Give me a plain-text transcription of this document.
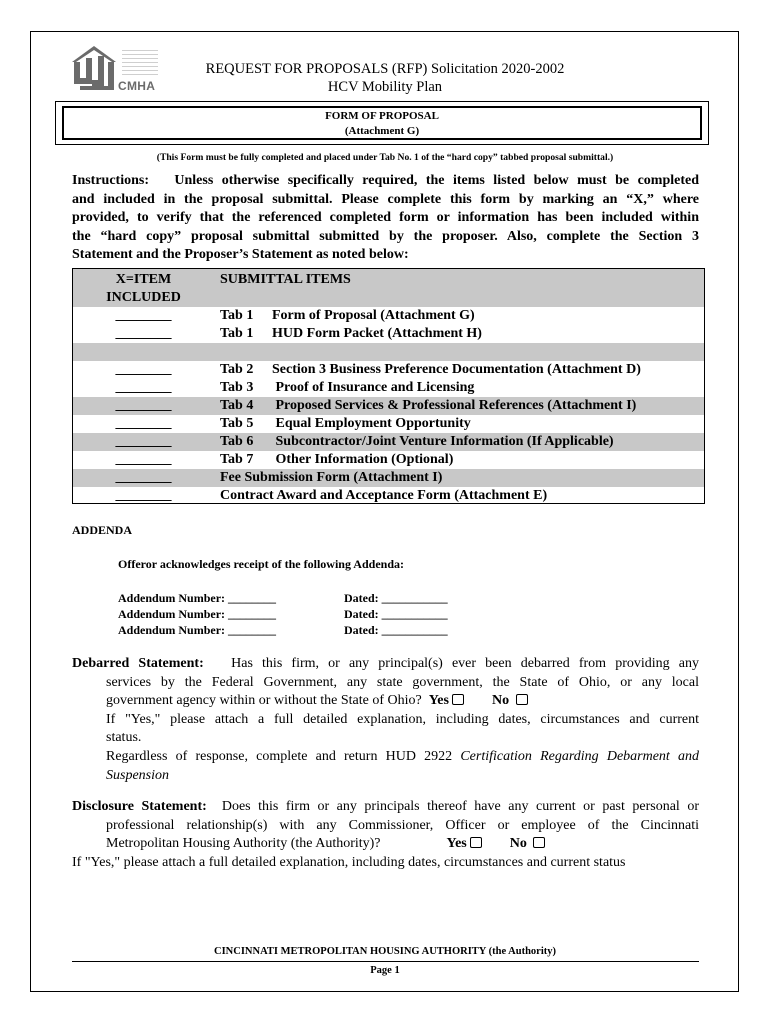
CMHA
REQUEST FOR PROPOSALS (RFP) Solicitation 2020-2002
HCV Mobility Plan
FORM OF PROPOSAL
(Attachment G)
(This Form must be fully completed and placed under Tab No. 1 of the “hard copy” tabbed proposal submittal.)
Instructions: Unless otherwise specifically required, the items listed below must be completed
and included in the proposal submittal. Please complete this form by marking an “X,” where
provided, to verify that the referenced completed form or information has been included within
the “hard copy” proposal submittal submitted by the proposer. Also, complete the Section 3
Statement and the Proposer’s Statement as noted below:
X=ITEM
INCLUDED
SUBMITTAL ITEMS
________	Tab 1 Form of Proposal (Attachment G)
________	Tab 1 HUD Form Packet (Attachment H)
________	Tab 2 Section 3 Business Preference Documentation (Attachment D)
________	Tab 3 Proof of Insurance and Licensing
________	Tab 4 Proposed Services & Professional References (Attachment I)
________	Tab 5 Equal Employment Opportunity
________	Tab 6 Subcontractor/Joint Venture Information (If Applicable)
________	Tab 7 Other Information (Optional)
________	Fee Submission Form (Attachment I)
________	Contract Award and Acceptance Form (Attachment E)
ADDENDA
Offeror acknowledges receipt of the following Addenda:
Addendum Number: ________	Dated: ___________
Addendum Number: ________	Dated: ___________
Addendum Number: ________	Dated: ___________
Debarred Statement: Has this firm, or any principal(s) ever been debarred from providing any
services by the Federal Government, any state government, the State of Ohio, or any local
government agency within or without the State of Ohio? Yes	No
If "Yes," please attach a full detailed explanation, including dates, circumstances and current
status.
Regardless of response, complete and return HUD 2922 Certification Regarding Debarment and
Suspension
Disclosure Statement: Does this firm or any principals thereof have any current or past personal or
professional relationship(s) with any Commissioner, Officer or employee of the Cincinnati
Metropolitan Housing Authority (the Authority)?	Yes	No
If "Yes," please attach a full detailed explanation, including dates, circumstances and current status
CINCINNATI METROPOLITAN HOUSING AUTHORITY (the Authority)
Page 1
